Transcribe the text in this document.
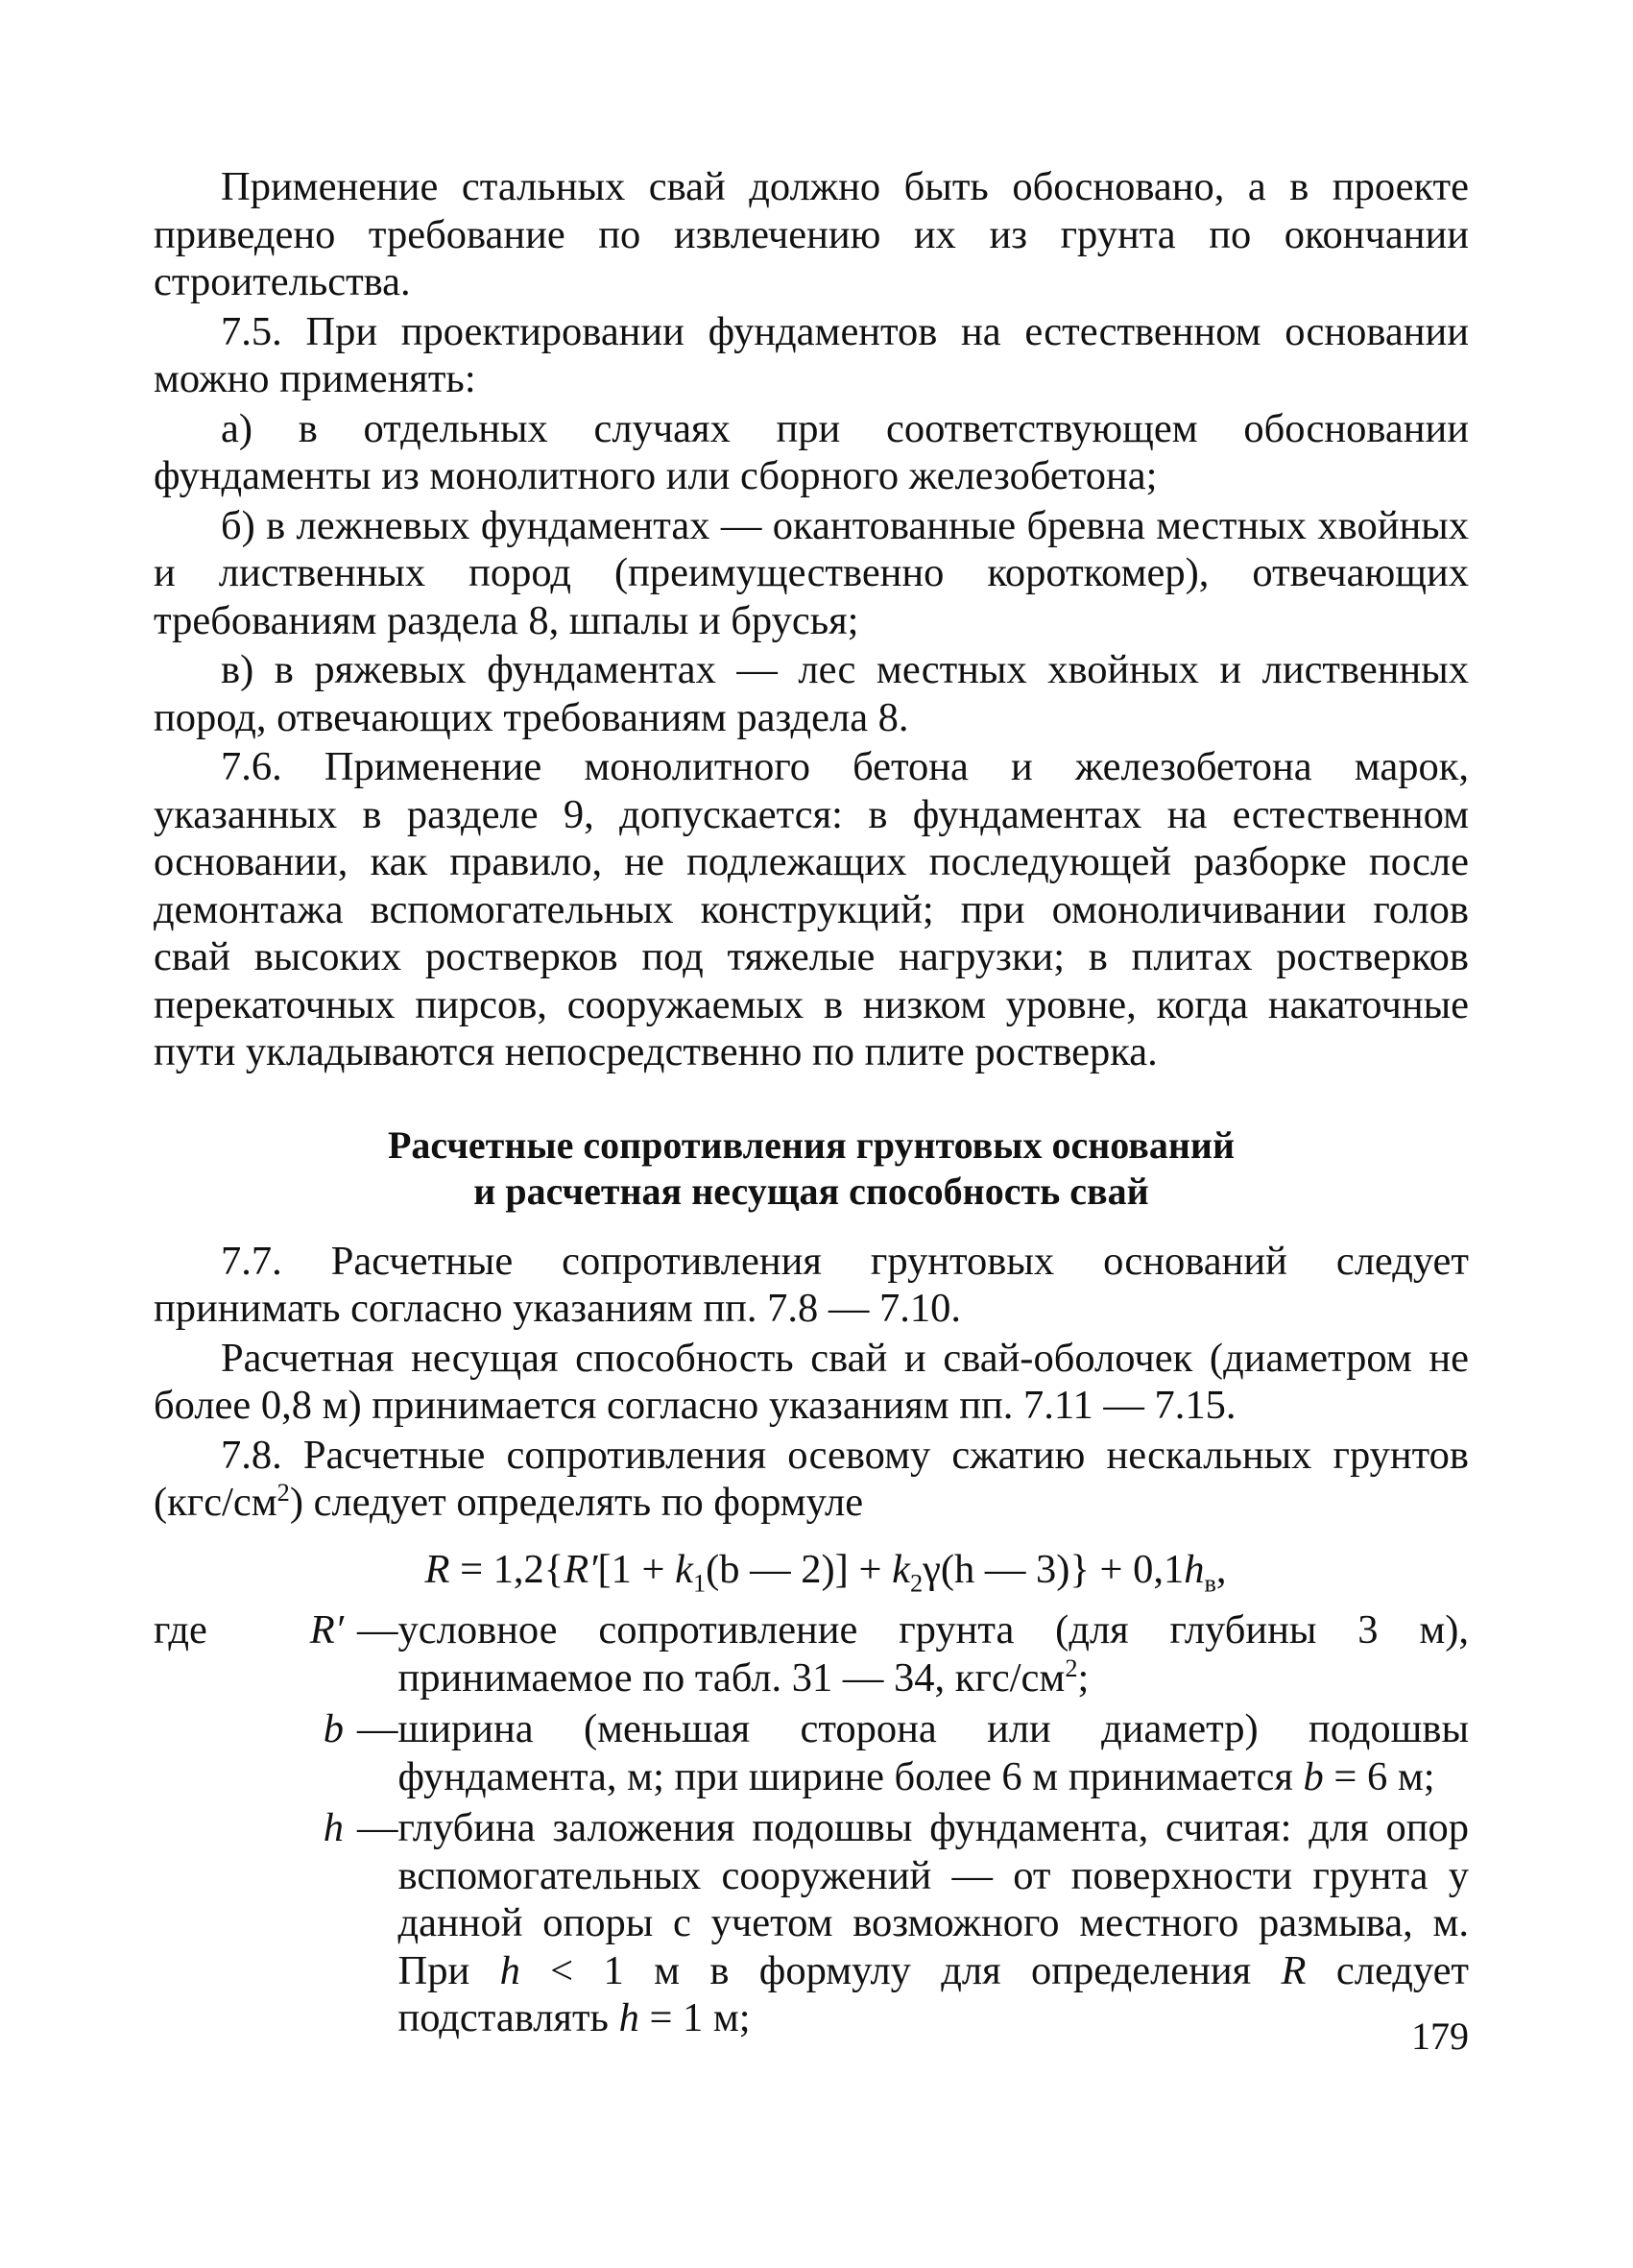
Применение стальных свай должно быть обосновано, а в проекте приведено требование по извлечению их из грунта по окончании строительства.

7.5. При проектировании фундаментов на естественном основании можно применять:

а) в отдельных случаях при соответствующем обосновании фундаменты из монолитного или сборного железобетона;

б) в лежневых фундаментах — окантованные бревна местных хвойных и лиственных пород (преимущественно короткомер), отвечающих требованиям раздела 8, шпалы и брусья;

в) в ряжевых фундаментах — лес местных хвойных и лиственных пород, отвечающих требованиям раздела 8.

7.6. Применение монолитного бетона и железобетона марок, указанных в разделе 9, допускается: в фундаментах на естественном основании, как правило, не подлежащих последующей разборке после демонтажа вспомогательных конструкций; при омоноличивании голов свай высоких ростверков под тяжелые нагрузки; в плитах ростверков перекаточных пирсов, сооружаемых в низком уровне, когда накаточные пути укладываются непосредственно по плите ростверка.

Расчетные сопротивления грунтовых оснований
и расчетная несущая способность свай

7.7. Расчетные сопротивления грунтовых оснований следует принимать согласно указаниям пп. 7.8 — 7.10.

Расчетная несущая способность свай и свай-оболочек (диаметром не более 0,8 м) принимается согласно указаниям пп. 7.11 — 7.15.

7.8. Расчетные сопротивления осевому сжатию нескальных грунтов $(кгс/см^2)$ следует определять по формуле

$R = 1,2\{R'[1 + k_1(b$ — $2)] + k_2\gamma(h$ — $3)\} + 0,1h_в$,
где	R′	—	условное сопротивление грунта (для глубины 3 м), принимаемое по табл. 31 — 34, кгс/$см^2$;
	b	—	ширина (меньшая сторона или диаметр) подошвы фундамента, м; при ширине более 6 м принимается b = 6 м;
	h	—	глубина заложения подошвы фундамента, считая: для опор вспомогательных сооружений — от поверхности грунта у данной опоры с учетом возможного местного размыва, м. При h < 1 м в формулу для определения R следует подставлять h = 1 м;	179
